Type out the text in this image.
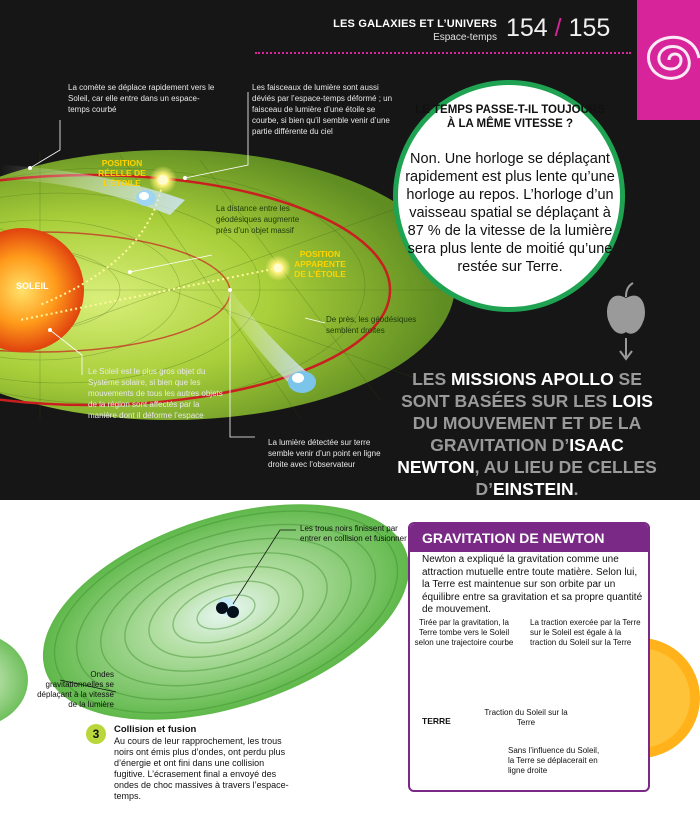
LES GALAXIES ET L’UNIVERS
Espace-temps 154 / 155
La comète se déplace rapidement vers le Soleil, car elle entre dans un espace-temps courbé
Les faisceaux de lumière sont aussi déviés par l’espace-temps déformé ; un faisceau de lumière d’une étoile se courbe, si bien qu’il semble venir d’une partie différente du ciel
POSITION RÉELLE DE L’ÉTOILE
La distance entre les géodésiques augmente près d’un objet massif
POSITION APPARENTE DE L’ÉTOILE
SOLEIL
De près, les géodésiques semblent droites
Le Soleil est le plus gros objet du Système solaire, si bien que les mouvements de tous les autres objets de la région sont affectés par la manière dont il déforme l’espace
La lumière détectée sur terre semble venir d’un point en ligne droite avec l’observateur
LE TEMPS PASSE-T-IL TOUJOURS À LA MÊME VITESSE ?
Non. Une horloge se déplaçant rapidement est plus lente qu’une horloge au repos. L’horloge d’un vaisseau spatial se déplaçant à 87 % de la vitesse de la lumière sera plus lente de moitié qu’une restée sur Terre.
LES MISSIONS APOLLO SE SONT BASÉES SUR LES LOIS DU MOUVEMENT ET DE LA GRAVITATION D’ISAAC NEWTON, AU LIEU DE CELLES D’EINSTEIN.
Les trous noirs finissent par entrer en collision et fusionner
Ondes gravitationnelles se déplaçant à la vitesse de la lumière
3	Collision et fusion
Au cours de leur rapprochement, les trous noirs ont émis plus d’ondes, ont perdu plus d’énergie et ont fini dans une collision fugitive. L’écrasement final a envoyé des ondes de choc massives à travers l’espace-temps.
GRAVITATION DE NEWTON
Newton a expliqué la gravitation comme une attraction mutuelle entre toute matière. Selon lui, la Terre est maintenue sur son orbite par un équilibre entre sa gravitation et sa propre quantité de mouvement.
Tirée par la gravitation, la Terre tombe vers le Soleil selon une trajectoire courbe
La traction exercée par la Terre sur le Soleil est égale à la traction du Soleil sur la Terre
TERRE
Traction du Soleil sur la Terre
Sans l’influence du Soleil, la Terre se déplacerait en ligne droite
